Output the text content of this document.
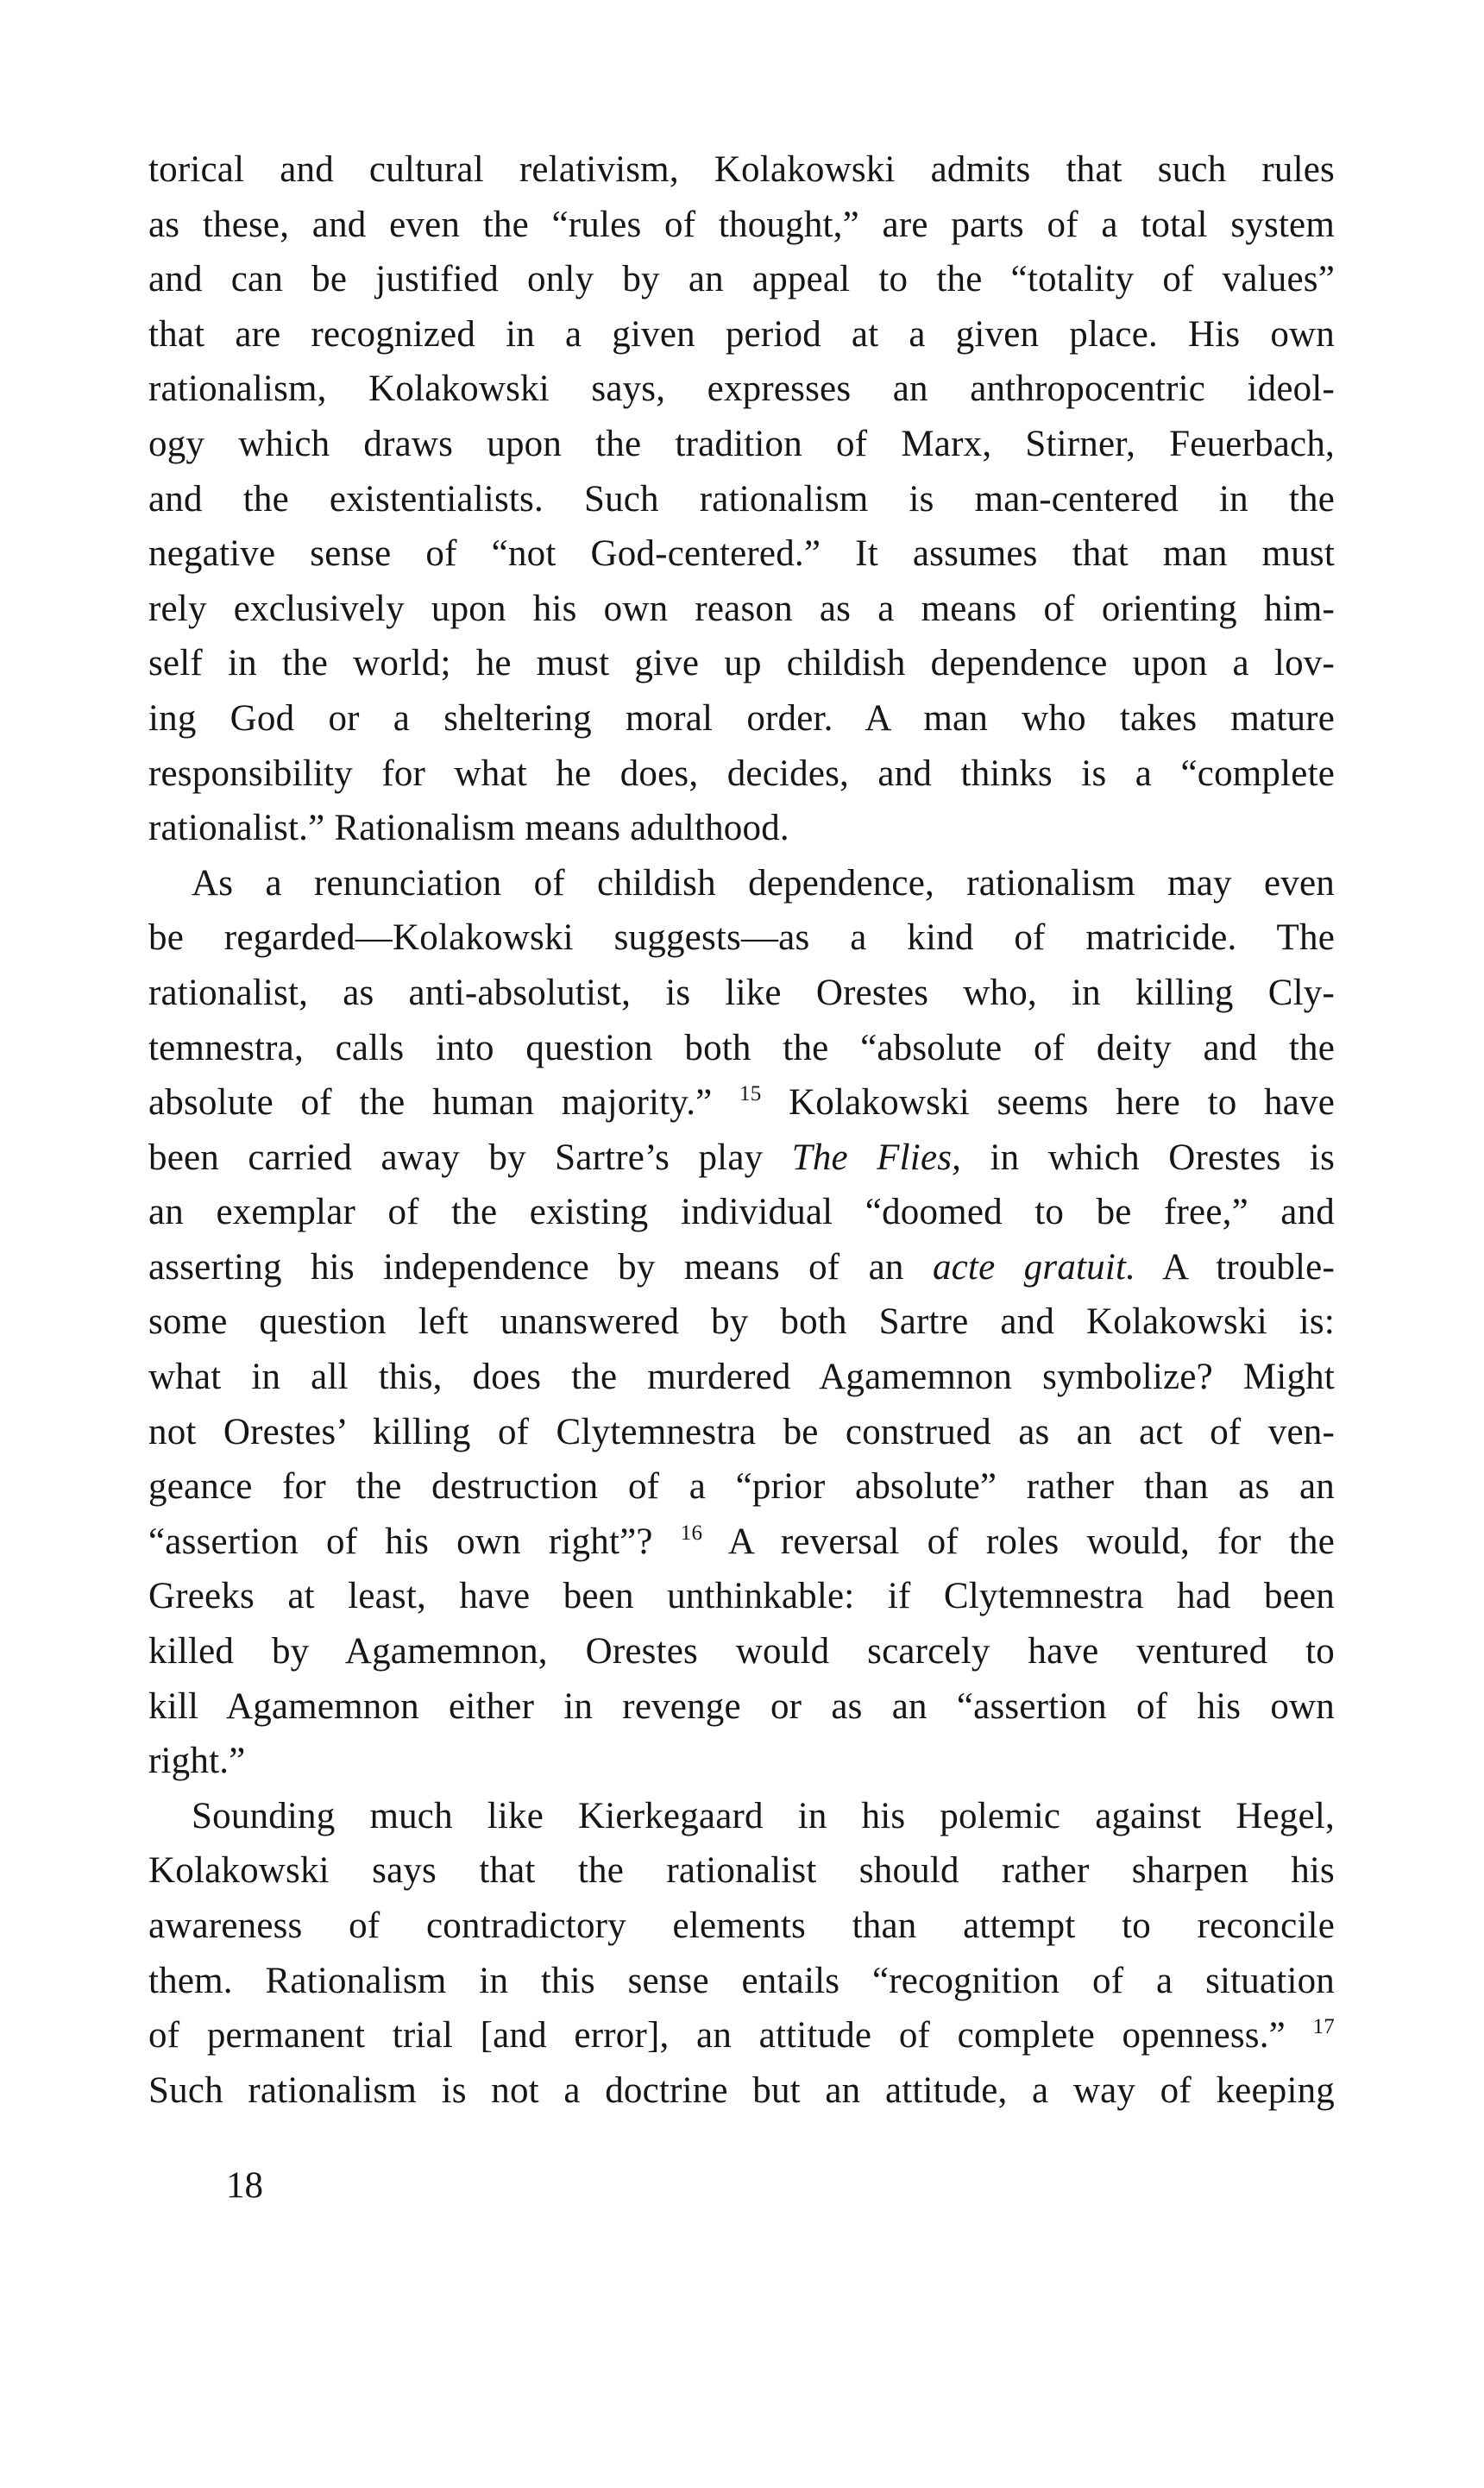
torical and cultural relativism, Kolakowski admits that such rules
as these, and even the “rules of thought,” are parts of a total system
and can be justified only by an appeal to the “totality of values”
that are recognized in a given period at a given place. His own
rationalism, Kolakowski says, expresses an anthropocentric ideol-
ogy which draws upon the tradition of Marx, Stirner, Feuerbach,
and the existentialists. Such rationalism is man-centered in the
negative sense of “not God-centered.” It assumes that man must
rely exclusively upon his own reason as a means of orienting him-
self in the world; he must give up childish dependence upon a lov-
ing God or a sheltering moral order. A man who takes mature
responsibility for what he does, decides, and thinks is a “complete
rationalist.” Rationalism means adulthood.
As a renunciation of childish dependence, rationalism may even
be regarded—Kolakowski suggests—as a kind of matricide. The
rationalist, as anti-absolutist, is like Orestes who, in killing Cly-
temnestra, calls into question both the “absolute of deity and the
absolute of the human majority.” $^{15}$ Kolakowski seems here to have
been carried away by Sartre’s play The Flies, in which Orestes is
an exemplar of the existing individual “doomed to be free,” and
asserting his independence by means of an acte gratuit. A trouble-
some question left unanswered by both Sartre and Kolakowski is:
what in all this, does the murdered Agamemnon symbolize? Might
not Orestes’ killing of Clytemnestra be construed as an act of ven-
geance for the destruction of a “prior absolute” rather than as an
“assertion of his own right”? $^{16}$ A reversal of roles would, for the
Greeks at least, have been unthinkable: if Clytemnestra had been
killed by Agamemnon, Orestes would scarcely have ventured to
kill Agamemnon either in revenge or as an “assertion of his own
right.”
Sounding much like Kierkegaard in his polemic against Hegel,
Kolakowski says that the rationalist should rather sharpen his
awareness of contradictory elements than attempt to reconcile
them. Rationalism in this sense entails “recognition of a situation
of permanent trial [and error], an attitude of complete openness.” $^{17}$
Such rationalism is not a doctrine but an attitude, a way of keeping
18
